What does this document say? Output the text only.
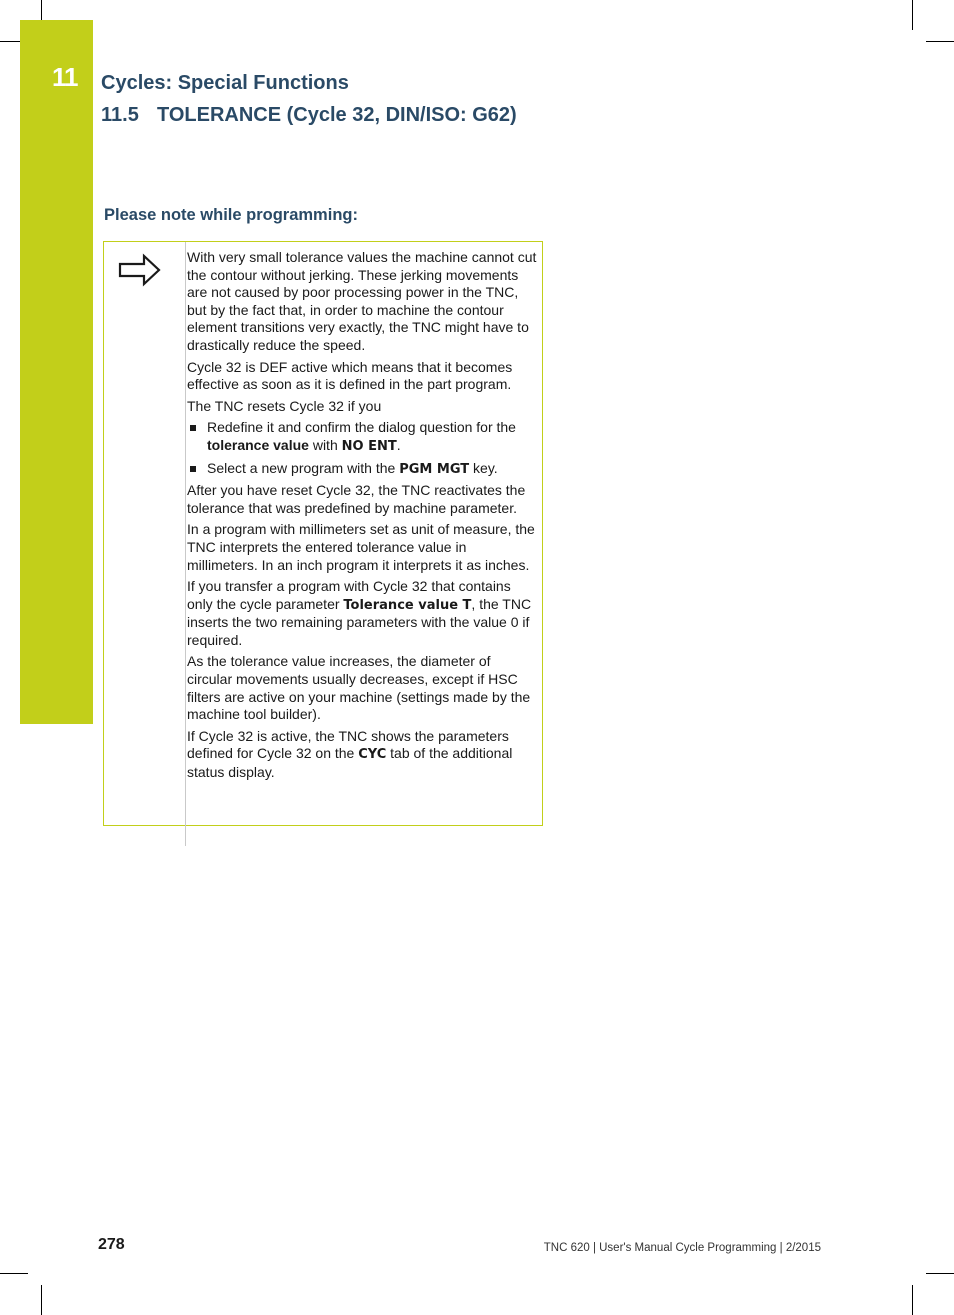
11	Cycles: Special Functions
11.5 TOLERANCE (Cycle 32, DIN/ISO: G62)
Please note while programming:

With very small tolerance values the machine cannot cut the contour without jerking. These jerking movements are not caused by poor processing power in the TNC, but by the fact that, in order to machine the contour element transitions very exactly, the TNC might have to drastically reduce the speed.

Cycle 32 is DEF active which means that it becomes effective as soon as it is defined in the part program.

The TNC resets Cycle 32 if you

Redefine it and confirm the dialog question for the tolerance value with NO ENT.
Select a new program with the PGM MGT key.

After you have reset Cycle 32, the TNC reactivates the tolerance that was predefined by machine parameter.

In a program with millimeters set as unit of measure, the TNC interprets the entered tolerance value in millimeters. In an inch program it interprets it as inches.

If you transfer a program with Cycle 32 that contains only the cycle parameter Tolerance value T, the TNC inserts the two remaining parameters with the value 0 if required.

As the tolerance value increases, the diameter of circular movements usually decreases, except if HSC filters are active on your machine (settings made by the machine tool builder).

If Cycle 32 is active, the TNC shows the parameters defined for Cycle 32 on the CYC tab of the additional status display.

278	TNC 620 | User's Manual Cycle Programming | 2/2015
